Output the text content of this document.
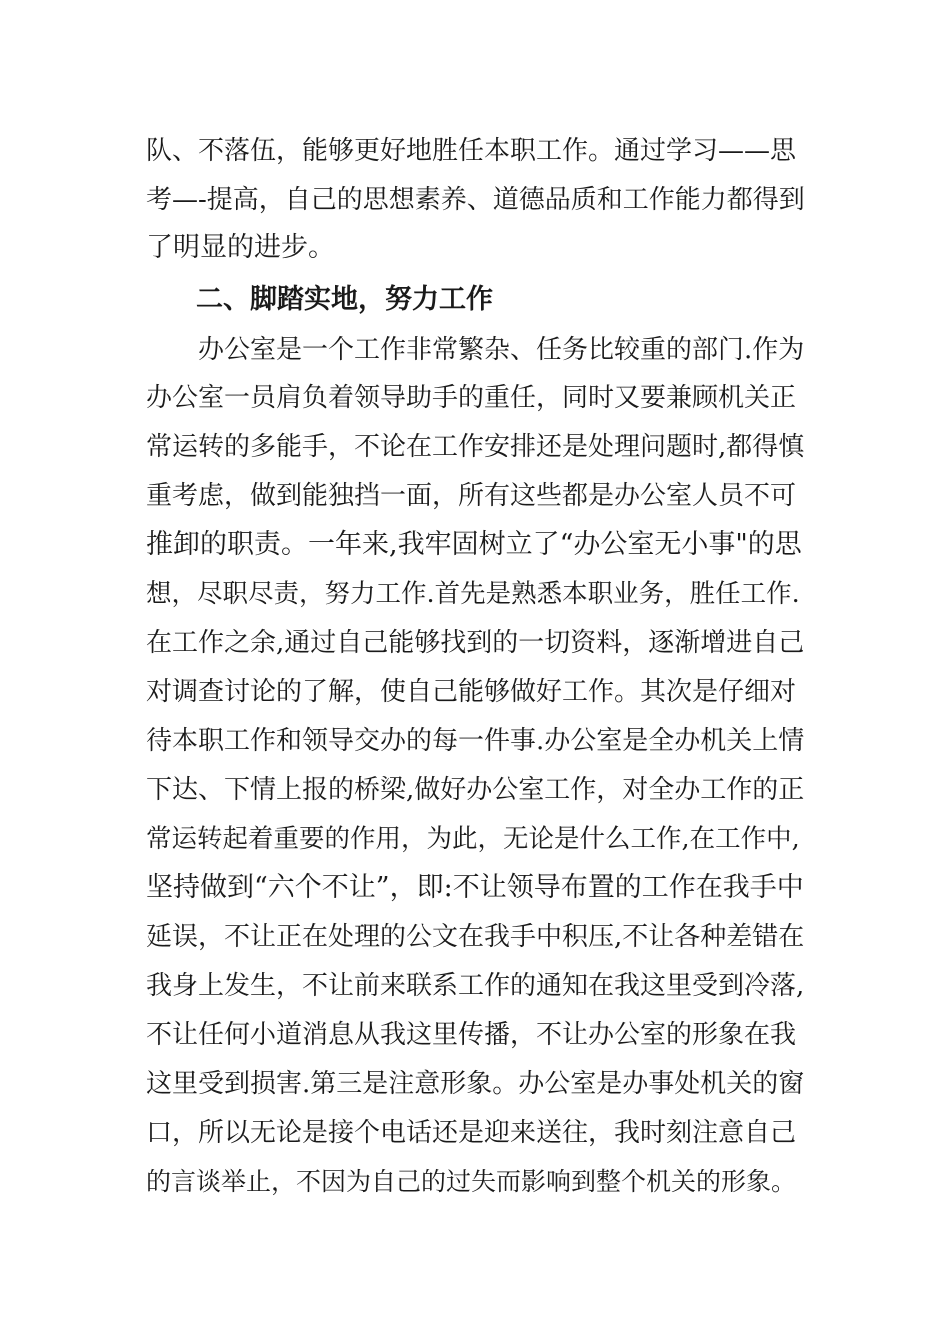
队、不落伍，能够更好地胜任本职工作。通过学习——思
考—-提高，自己的思想素养、道德品质和工作能力都得到
了明显的进步。
二、脚踏实地，努力工作
　　办公室是一个工作非常繁杂、任务比较重的部门.作为
办公室一员肩负着领导助手的重任，同时又要兼顾机关正
常运转的多能手，不论在工作安排还是处理问题时,都得慎
重考虑，做到能独挡一面，所有这些都是办公室人员不可
推卸的职责。一年来,我牢固树立了“办公室无小事"的思
想，尽职尽责，努力工作.首先是熟悉本职业务，胜任工作.
在工作之余,通过自己能够找到的一切资料，逐渐增进自己
对调查讨论的了解，使自己能够做好工作。其次是仔细对
待本职工作和领导交办的每一件事.办公室是全办机关上情
下达、下情上报的桥梁,做好办公室工作，对全办工作的正
常运转起着重要的作用，为此，无论是什么工作,在工作中,
坚持做到“六个不让”，即:不让领导布置的工作在我手中
延误，不让正在处理的公文在我手中积压,不让各种差错在
我身上发生，不让前来联系工作的通知在我这里受到冷落,
不让任何小道消息从我这里传播，不让办公室的形象在我
这里受到损害.第三是注意形象。办公室是办事处机关的窗
口，所以无论是接个电话还是迎来送往，我时刻注意自己
的言谈举止，不因为自己的过失而影响到整个机关的形象。
